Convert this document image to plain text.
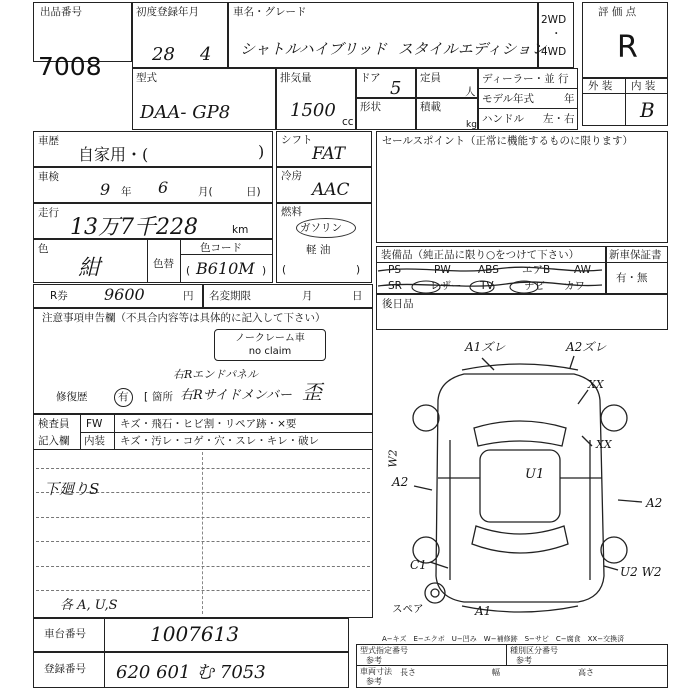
出品番号
7008
初度登録年月
28 4
車名・グレード
シャトルハイブリッド スタイルエディション
2WD
・
4WD
評 価 点
R
外 装 内 装
B
型式
DAA- GP8
排気量
1500
cc
ドア 5
形状
定員
人
積載
kg
ディーラー・並 行
モデル年式	年
ハンドル 左・右
車歴
自家用・(	)
車検
9 年 6	月(	日)
走行
13万7千228	km
色
紺	色替
色コード
( B610M )
シフト
FAT
冷房
AAC
燃料
ガソリン
軽 油
(	)
セールスポイント（正常に機能するものに限ります）
装備品（純正品に限り○をつけて下さい）
PS	PW	ABS エアB AW
SR	レザー TV	ナビ カワ
新車保証書
有・無
R券 9600	円 名変期限	月	日
後日品
注意事項申告欄（不具合内容等は具体的に記入して下さい）
ノークレーム車
no claim
右Rエンドパネル
修復歴	有 [ 箇所 右Rサイドメンバー 歪
検査員
記入欄
FW キズ・飛石・ヒビ割・リペア跡・×要
内装 キズ・汚レ・コゲ・穴・スレ・キレ・破レ
下廻りS
各 A, U,S
A1ズレ	A2ズレ
XX
XX
W2
A2	U1
A2
C1	U2 W2
A1
スペア
車台番号	1007613
登録番号 620 601 む 7053
A−キズ　E−エクボ　U−凹み　W−補修跡　S−サビ　C−腐食　XX−交換済
型式指定番号
参考
種別区分番号
参考
車両寸法
参考
長さ	幅	高さ
